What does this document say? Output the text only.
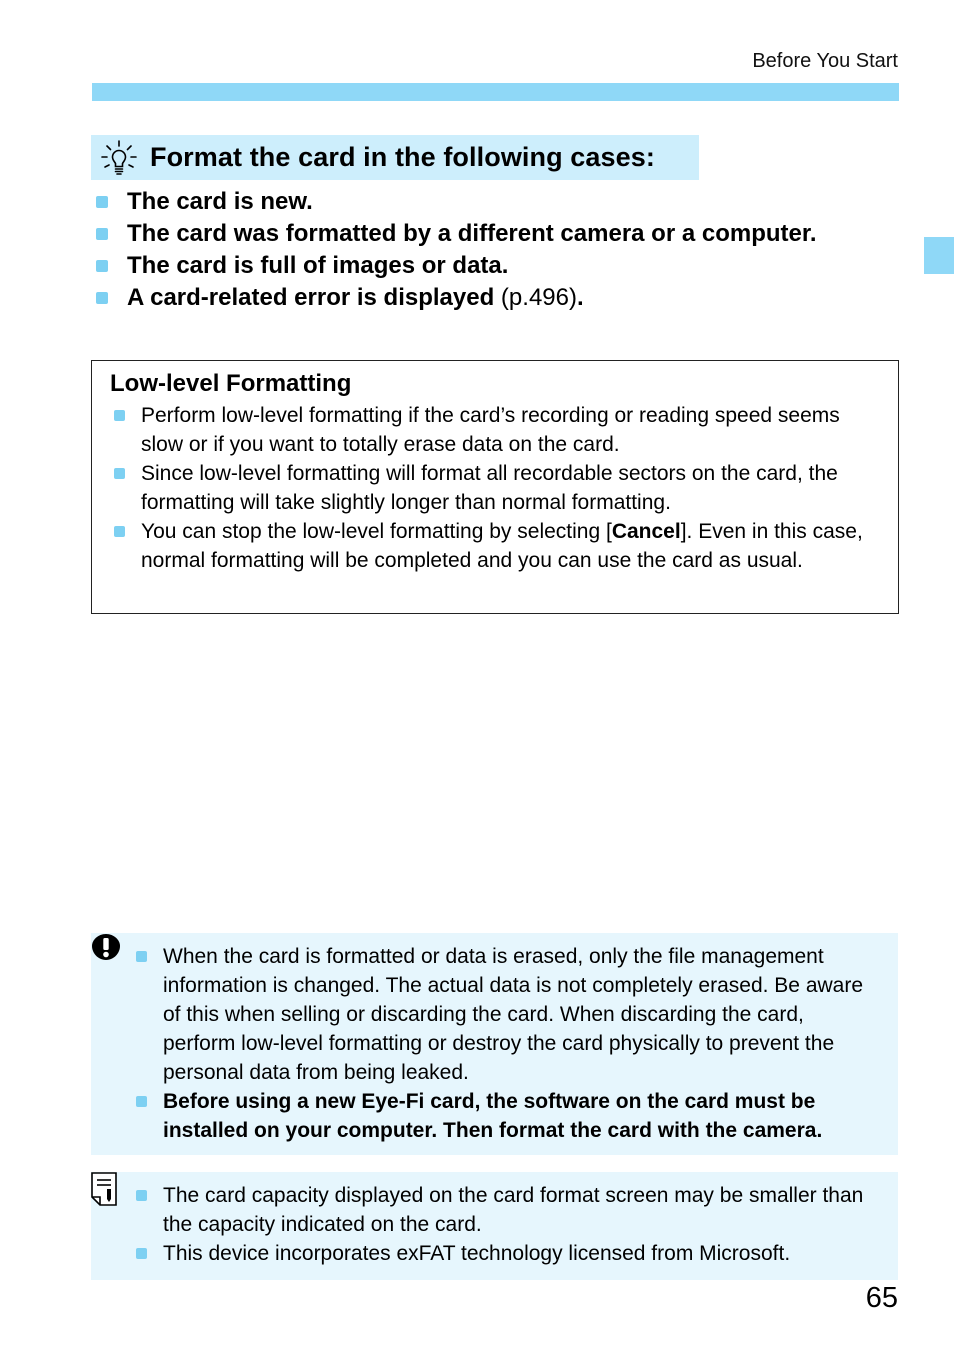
Before You Start
Format the card in the following cases:
The card is new.
The card was formatted by a different camera or a computer.
The card is full of images or data.
A card-related error is displayed (p.496).
Low-level Formatting
Perform low-level formatting if the card’s recording or reading speed seems slow or if you want to totally erase data on the card.
Since low-level formatting will format all recordable sectors on the card, the formatting will take slightly longer than normal formatting.
You can stop the low-level formatting by selecting [Cancel]. Even in this case, normal formatting will be completed and you can use the card as usual.
When the card is formatted or data is erased, only the file management information is changed. The actual data is not completely erased. Be aware of this when selling or discarding the card. When discarding the card, perform low-level formatting or destroy the card physically to prevent the personal data from being leaked.
Before using a new Eye-Fi card, the software on the card must be installed on your computer. Then format the card with the camera.
The card capacity displayed on the card format screen may be smaller than the capacity indicated on the card.
This device incorporates exFAT technology licensed from Microsoft.
65
